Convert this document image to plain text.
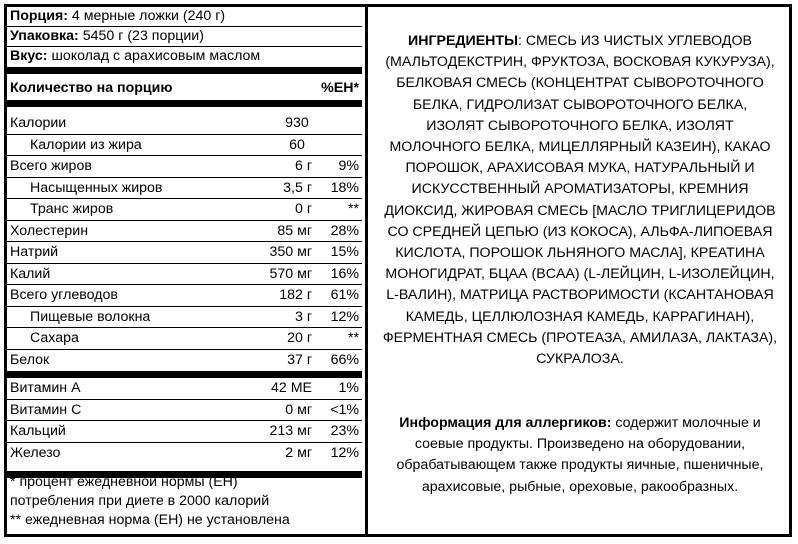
Порция: 4 мерные ложки (240 г)
Упаковка: 5450 г (23 порции)
Вкус: шоколад с арахисовым маслом
Количество на порцию	%ЕН*
Калории	930
Калории из жира	60
Всего жиров	6 г 9%
Насыщенных жиров	3,5 г 18%
Транс жиров	0 г	**
Холестерин	85 мг 28%
Натрий	350 мг 15%
Калий	570 мг 16%
Всего углеводов	182 г 61%
Пищевые волокна	3 г 12%
Сахара	20 г	**
Белок	37 г 66%
Витамин А	42 МЕ 1%
Витамин С	0 мг <1%
Кальций	213 мг 23%
Железо	2 мг 12%
* процент ежедневной нормы (ЕН)
потребления при диете в 2000 калорий
** ежедневная норма (ЕН) не установлена
ИНГРЕДИЕНТЫ: СМЕСЬ ИЗ ЧИСТЫХ УГЛЕВОДОВ (МАЛЬТОДЕКСТРИН, ФРУКТОЗА, ВОСКОВАЯ КУКУРУЗА), БЕЛКОВАЯ СМЕСЬ (КОНЦЕНТРАТ СЫВОРОТОЧНОГО БЕЛКА, ГИДРОЛИЗАТ СЫВОРОТОЧНОГО БЕЛКА, ИЗОЛЯТ СЫВОРОТОЧНОГО БЕЛКА, ИЗОЛЯТ МОЛОЧНОГО БЕЛКА, МИЦЕЛЛЯРНЫЙ КАЗЕИН), КАКАО ПОРОШОК, АРАХИСОВАЯ МУКА, НАТУРАЛЬНЫЙ И ИСКУССТВЕННЫЙ АРОМАТИЗАТОРЫ, КРЕМНИЯ ДИОКСИД, ЖИРОВАЯ СМЕСЬ [МАСЛО ТРИГЛИЦЕРИДОВ СО СРЕДНЕЙ ЦЕПЬЮ (ИЗ КОКОСА), АЛЬФА-ЛИПОЕВАЯ КИСЛОТА, ПОРОШОК ЛЬНЯНОГО МАСЛА], КРЕАТИНА МОНОГИДРАТ, БЦАА (BCAA) (L-ЛЕЙЦИН, L-ИЗОЛЕЙЦИН, L-ВАЛИН), МАТРИЦА РАСТВОРИМОСТИ (КСАНТАНОВАЯ КАМЕДЬ, ЦЕЛЛЮЛОЗНАЯ КАМЕДЬ, КАРРАГИНАН), ФЕРМЕНТНАЯ СМЕСЬ (ПРОТЕАЗА, АМИЛАЗА, ЛАКТАЗА), СУКРАЛОЗА.
Информация для аллергиков: содержит молочные и соевые продукты. Произведено на оборудовании, обрабатывающем также продукты яичные, пшеничные, арахисовые, рыбные, ореховые, ракообразных.
